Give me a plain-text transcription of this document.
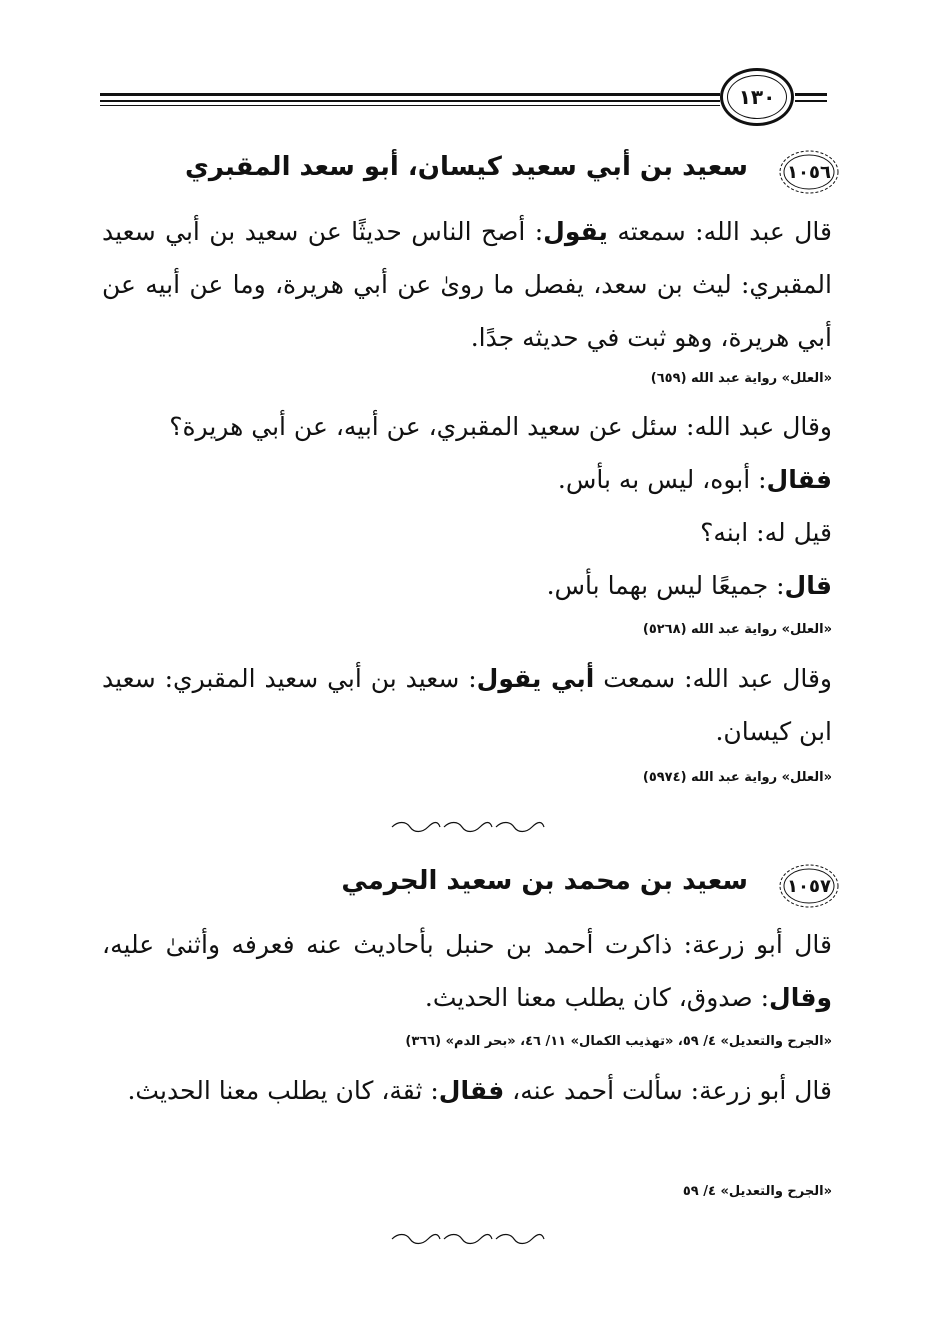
١٣٠
١٠٥٦
سعيد بن أبي سعيد كيسان، أبو سعد المقبري
قال عبد الله: سمعته يقول: أصح الناس حديثًا عن سعيد بن أبي سعيد المقبري: ليث بن سعد، يفصل ما روىٰ عن أبي هريرة، وما عن أبيه عن أبي هريرة، وهو ثبت في حديثه جدًا.
«العلل» رواية عبد الله (٦٥٩)
وقال عبد الله: سئل عن سعيد المقبري، عن أبيه، عن أبي هريرة؟
فقال: أبوه، ليس به بأس.
قيل له: ابنه؟
قال: جميعًا ليس بهما بأس.
«العلل» رواية عبد الله (٥٢٦٨)
وقال عبد الله: سمعت أبي يقول: سعيد بن أبي سعيد المقبري: سعيد ابن كيسان.
«العلل» رواية عبد الله (٥٩٧٤)
١٠٥٧
سعيد بن محمد بن سعيد الجرمي
قال أبو زرعة: ذاكرت أحمد بن حنبل بأحاديث عنه فعرفه وأثنىٰ عليه، وقال: صدوق، كان يطلب معنا الحديث.
«الجرح والتعديل» ٤/ ٥٩، «تهذيب الكمال» ١١/ ٤٦، «بحر الدم» (٣٦٦)
قال أبو زرعة: سألت أحمد عنه، فقال: ثقة، كان يطلب معنا الحديث.
«الجرح والتعديل» ٤/ ٥٩
